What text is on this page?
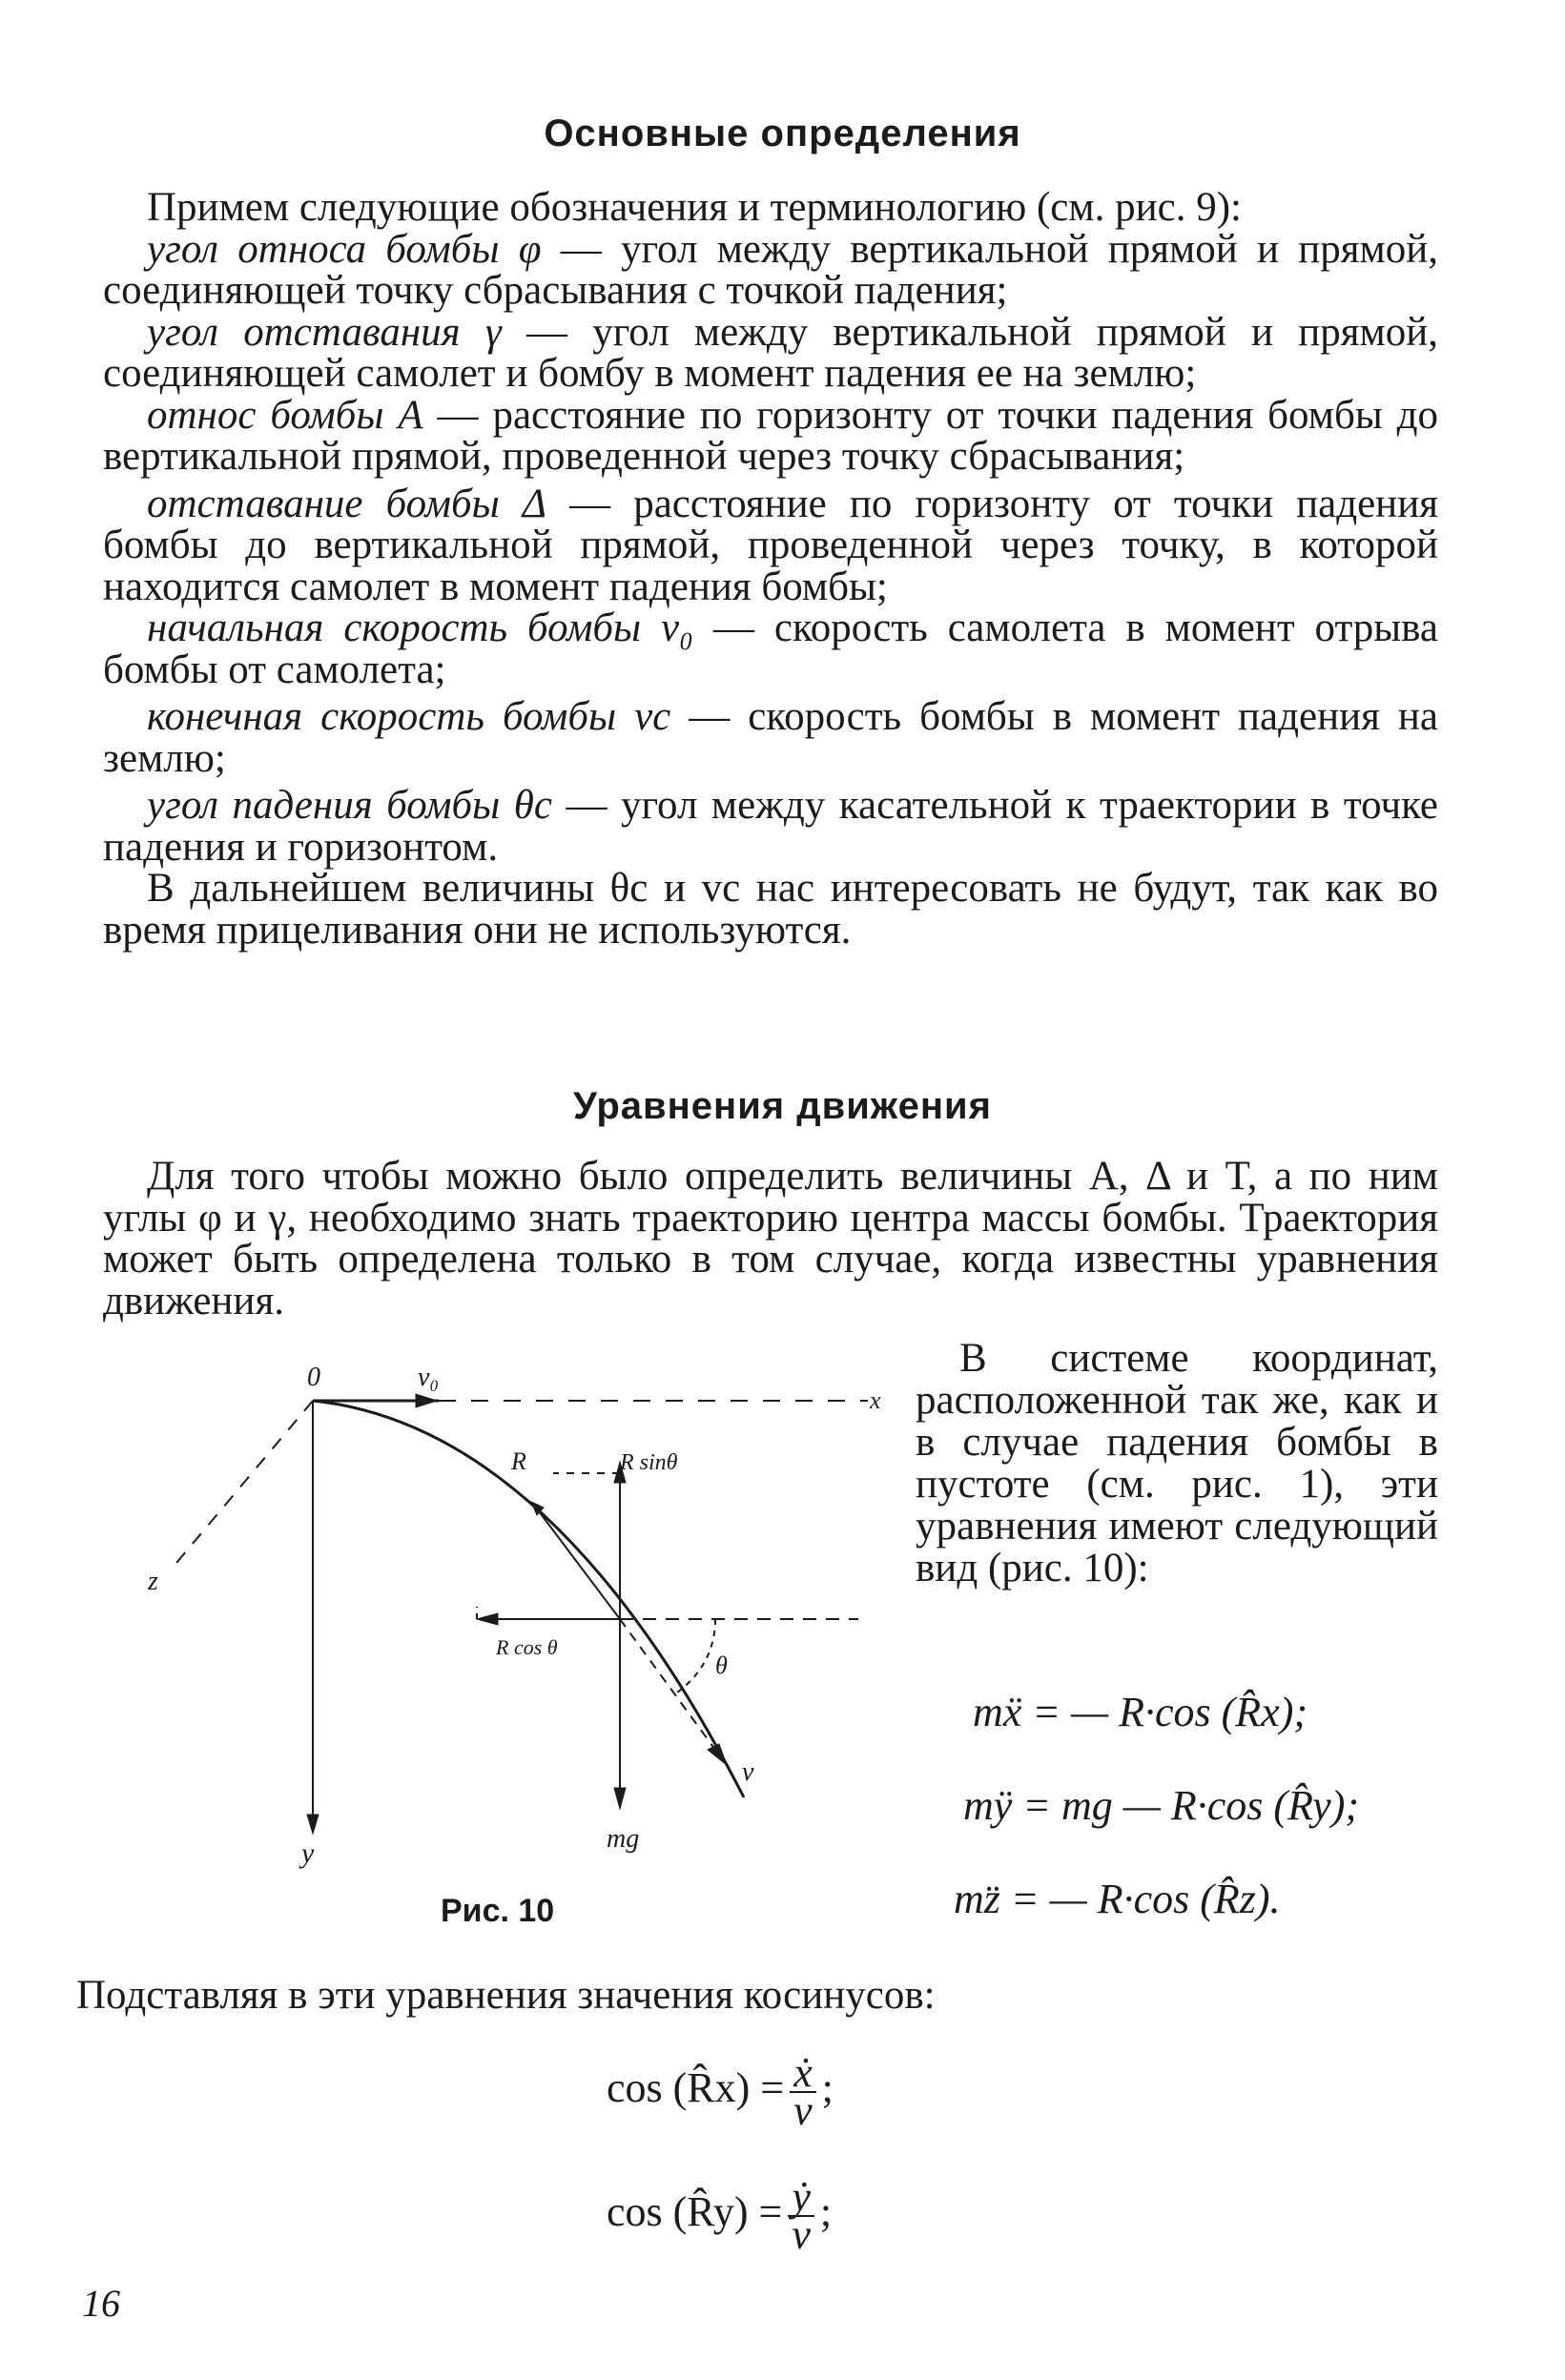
Основные определения

Примем следующие обозначения и терминологию (см. рис. 9):

угол относа бомбы φ — угол между вертикальной прямой и прямой, соединяющей точку сбрасывания с точкой падения;

угол отставания γ — угол между вертикальной прямой и прямой, соединяющей самолет и бомбу в момент падения ее на землю;

относ бомбы A — расстояние по горизонту от точки падения бомбы до вертикальной прямой, проведенной через точку сбрасывания;

отставание бомбы Δ — расстояние по горизонту от точки падения бомбы до вертикальной прямой, проведенной через точку, в которой находится самолет в момент падения бомбы;

начальная скорость бомбы v₀ — скорость самолета в момент отрыва бомбы от самолета;

конечная скорость бомбы vc — скорость бомбы в момент падения на землю;

угол падения бомбы θc — угол между касательной к траектории в точке падения и горизонтом.

В дальнейшем величины θc и vc нас интересовать не будут, так как во время прицеливания они не используются.

Уравнения движения

Для того чтобы можно было определить величины A, Δ и T, а по ним углы φ и γ, необходимо знать траекторию центра массы бомбы. Траектория может быть определена только в том случае, когда известны уравнения движения.

0	v₀
x
y
z
R	R sinθ
R cos θ
θ
v
mg

В системе координат, расположенной так же, как и в случае падения бомбы в пустоте (см. рис. 1), эти уравнения имеют следующий вид (рис. 10):

mẍ = — R·cos (R̂x);
mÿ = mg — R·cos (R̂y);
mz̈ = — R·cos (R̂z).
Рис. 10
Подставляя в эти уравнения значения косинусов:
cos (R̂x) = $\frac{\text{ẋ}}{v}$ ;
cos (R̂y) = $\frac{\text{ẏ}}{v}$ ;
16
